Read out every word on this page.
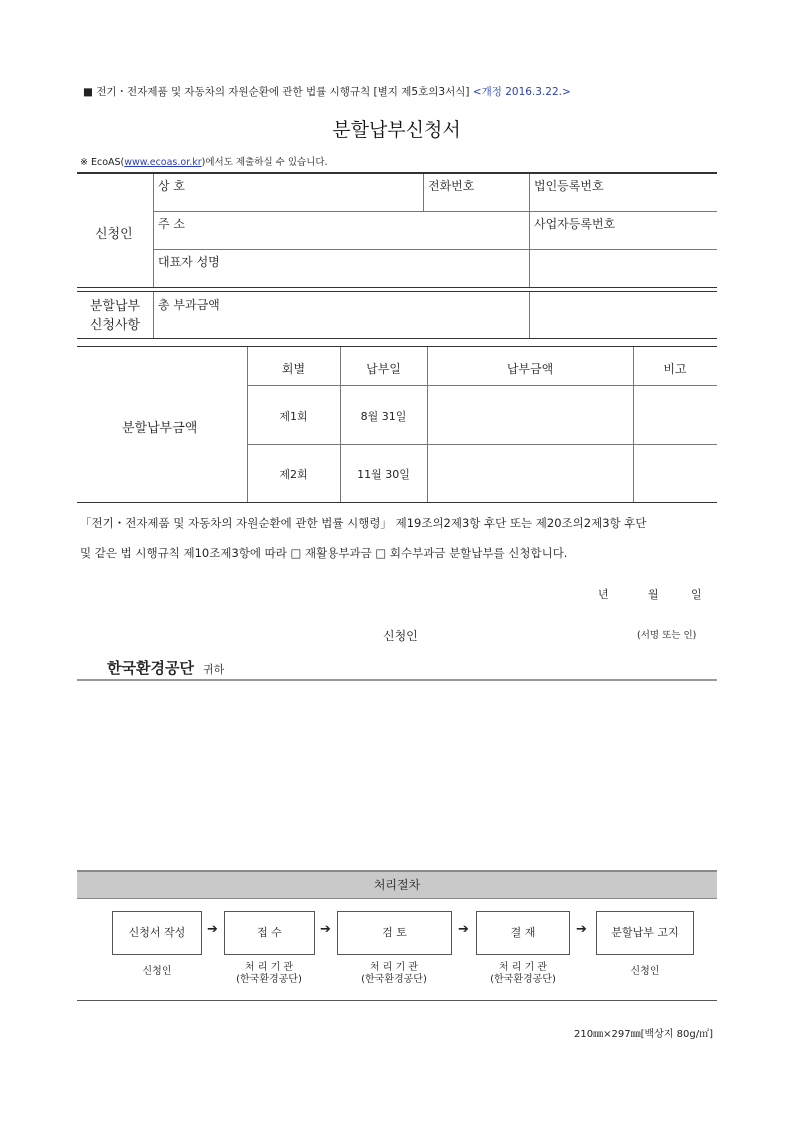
■ 전기・전자제품 및 자동차의 자원순환에 관한 법률 시행규칙 [별지 제5호의3서식] <개정 2016.3.22.>
분할납부신청서
※ EcoAS(www.ecoas.or.kr)에서도 제출하실 수 있습니다.
신청인
상 호	전화번호	법인등록번호
주 소	사업자등록번호
대표자 성명
분할납부
신청사항
총 부과금액
분할납부금액
회별	납부일	납부금액	비고
제1회	8월 31일
제2회	11월 30일
「전기・전자제품 및 자동차의 자원순환에 관한 법률 시행령」 제19조의2제3항 후단 또는 제20조의2제3항 후단
및 같은 법 시행규칙 제10조제3항에 따라 □ 재활용부과금 □ 회수부과금 분할납부를 신청합니다.
년	월	일
신청인	(서명 또는 인)
한국환경공단 귀하
처리절차
신청서 작성	➔	접 수	➔	검 토	➔	결 재	➔	분할납부 고지
신청인	처 리 기 관
(한국환경공단)
처 리 기 관
(한국환경공단)
처 리 기 관
(한국환경공단)
신청인
210㎜×297㎜[백상지 80g/㎡]
